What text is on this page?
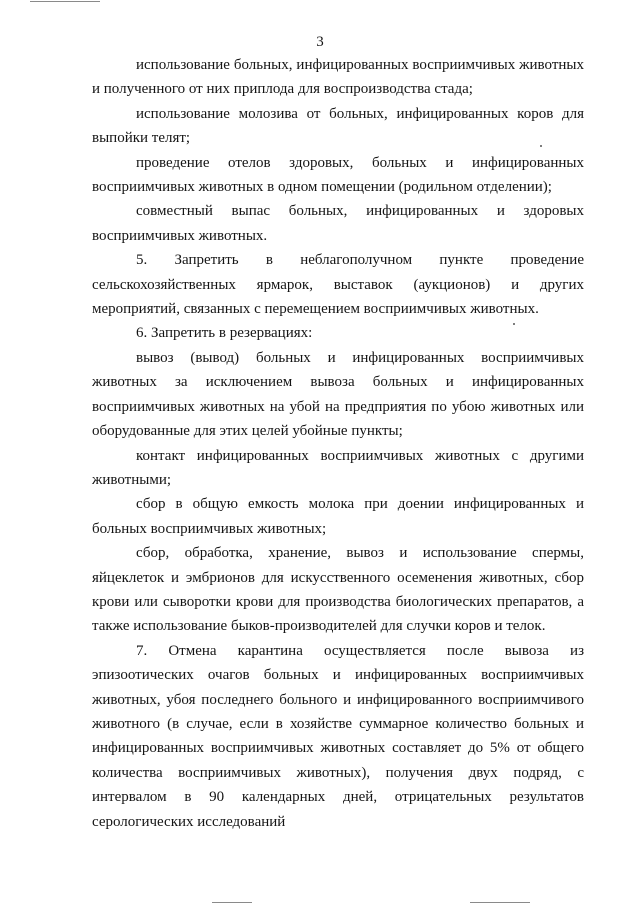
3

использование больных, инфицированных восприимчивых животных и полученного от них приплода для воспроизводства стада;

использование молозива от больных, инфицированных коров для выпойки телят;

проведение отелов здоровых, больных и инфицированных восприимчивых животных в одном помещении (родильном отделении);

совместный выпас больных, инфицированных и здоровых восприимчивых животных.

5. Запретить в неблагополучном пункте проведение сельскохозяйственных ярмарок, выставок (аукционов) и других мероприятий, связанных с перемещением восприимчивых животных.

6. Запретить в резервациях:

вывоз (вывод) больных и инфицированных восприимчивых животных за исключением вывоза больных и инфицированных восприимчивых животных на убой на предприятия по убою животных или оборудованные для этих целей убойные пункты;

контакт инфицированных восприимчивых животных с другими животными;

сбор в общую емкость молока при доении инфицированных и больных восприимчивых животных;

сбор, обработка, хранение, вывоз и использование спермы, яйцеклеток и эмбрионов для искусственного осеменения животных, сбор крови или сыворотки крови для производства биологических препаратов, а также использование быков-производителей для случки коров и телок.

7. Отмена карантина осуществляется после вывоза из эпизоотических очагов больных и инфицированных восприимчивых животных, убоя последнего больного и инфицированного восприимчивого животного (в случае, если в хозяйстве суммарное количество больных и инфицированных восприимчивых животных составляет до 5% от общего количества восприимчивых животных), получения двух подряд, с интервалом в 90 календарных дней, отрицательных результатов серологических исследований
